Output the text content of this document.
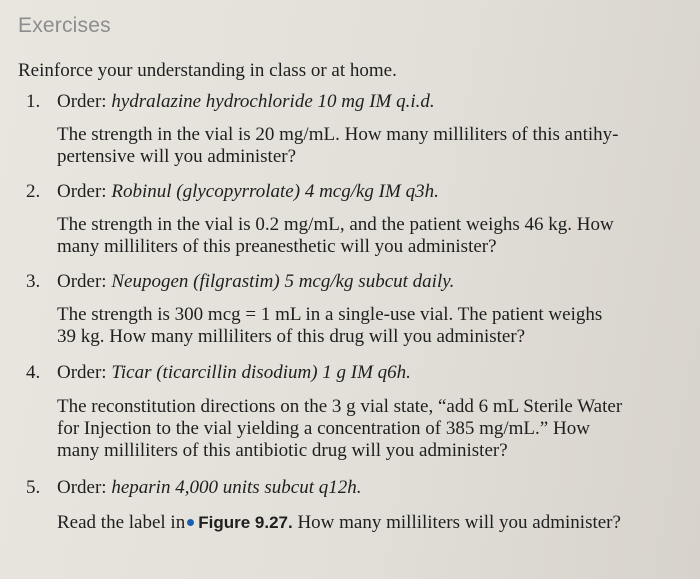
Exercises
Reinforce your understanding in class or at home.
1. Order: hydralazine hydrochloride 10 mg IM q.i.d.
The strength in the vial is 20 mg/mL. How many milliliters of this antihy-
pertensive will you administer?
2. Order: Robinul (glycopyrrolate) 4 mcg/kg IM q3h.
The strength in the vial is 0.2 mg/mL, and the patient weighs 46 kg. How
many milliliters of this preanesthetic will you administer?
3. Order: Neupogen (filgrastim) 5 mcg/kg subcut daily.
The strength is 300 mcg = 1 mL in a single-use vial. The patient weighs
39 kg. How many milliliters of this drug will you administer?
4. Order: Ticar (ticarcillin disodium) 1 g IM q6h.
The reconstitution directions on the 3 g vial state, “add 6 mL Sterile Water
for Injection to the vial yielding a concentration of 385 mg/mL.” How
many milliliters of this antibiotic drug will you administer?
5. Order: heparin 4,000 units subcut q12h.
Read the label in Figure 9.27. How many milliliters will you administer?
